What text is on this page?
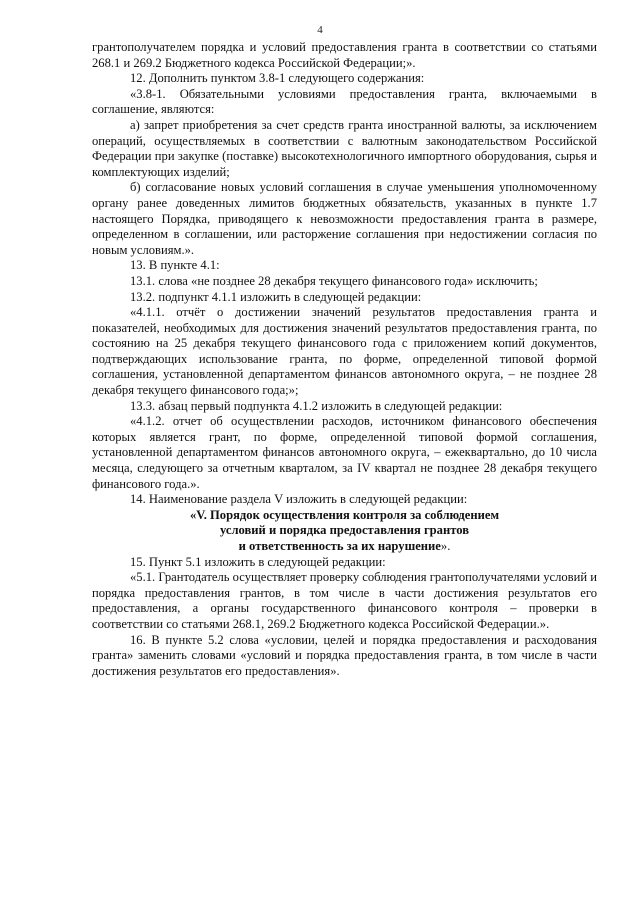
4

грантополучателем порядка и условий предоставления гранта в соответствии со статьями 268.1 и 269.2 Бюджетного кодекса Российской Федерации;».

12. Дополнить пунктом 3.8-1 следующего содержания:

«3.8-1. Обязательными условиями предоставления гранта, включаемыми в соглашение, являются:

а) запрет приобретения за счет средств гранта иностранной валюты, за исключением операций, осуществляемых в соответствии с валютным законодательством Российской Федерации при закупке (поставке) высокотехнологичного импортного оборудования, сырья и комплектующих изделий;

б) согласование новых условий соглашения в случае уменьшения уполномоченному органу ранее доведенных лимитов бюджетных обязательств, указанных в пункте 1.7 настоящего Порядка, приводящего к невозможности предоставления гранта в размере, определенном в соглашении, или расторжение соглашения при недостижении согласия по новым условиям.».

13. В пункте 4.1:

13.1. слова «не позднее 28 декабря текущего финансового года» исключить;

13.2. подпункт 4.1.1 изложить в следующей редакции:

«4.1.1. отчёт о достижении значений результатов предоставления гранта и показателей, необходимых для достижения значений результатов предоставления гранта, по состоянию на 25 декабря текущего финансового года с приложением копий документов, подтверждающих использование гранта, по форме, определенной типовой формой соглашения, установленной департаментом финансов автономного округа, – не позднее 28 декабря текущего финансового года;»;

13.3. абзац первый подпункта 4.1.2 изложить в следующей редакции:

«4.1.2. отчет об осуществлении расходов, источником финансового обеспечения которых является грант, по форме, определенной типовой формой соглашения, установленной департаментом финансов автономного округа, – ежеквартально, до 10 числа месяца, следующего за отчетным кварталом, за IV квартал не позднее 28 декабря текущего финансового года.».

14. Наименование раздела V изложить в следующей редакции:

«V. Порядок осуществления контроля за соблюдением

условий и порядка предоставления грантов

и ответственность за их нарушение».

15. Пункт 5.1 изложить в следующей редакции:

«5.1. Грантодатель осуществляет проверку соблюдения грантополучателями условий и порядка предоставления грантов, в том числе в части достижения результатов его предоставления, а органы государственного финансового контроля – проверки в соответствии со статьями 268.1, 269.2 Бюджетного кодекса Российской Федерации.».

16. В пункте 5.2 слова «условии, целей и порядка предоставления и расходования гранта» заменить словами «условий и порядка предоставления гранта, в том числе в части достижения результатов его предоставления».
